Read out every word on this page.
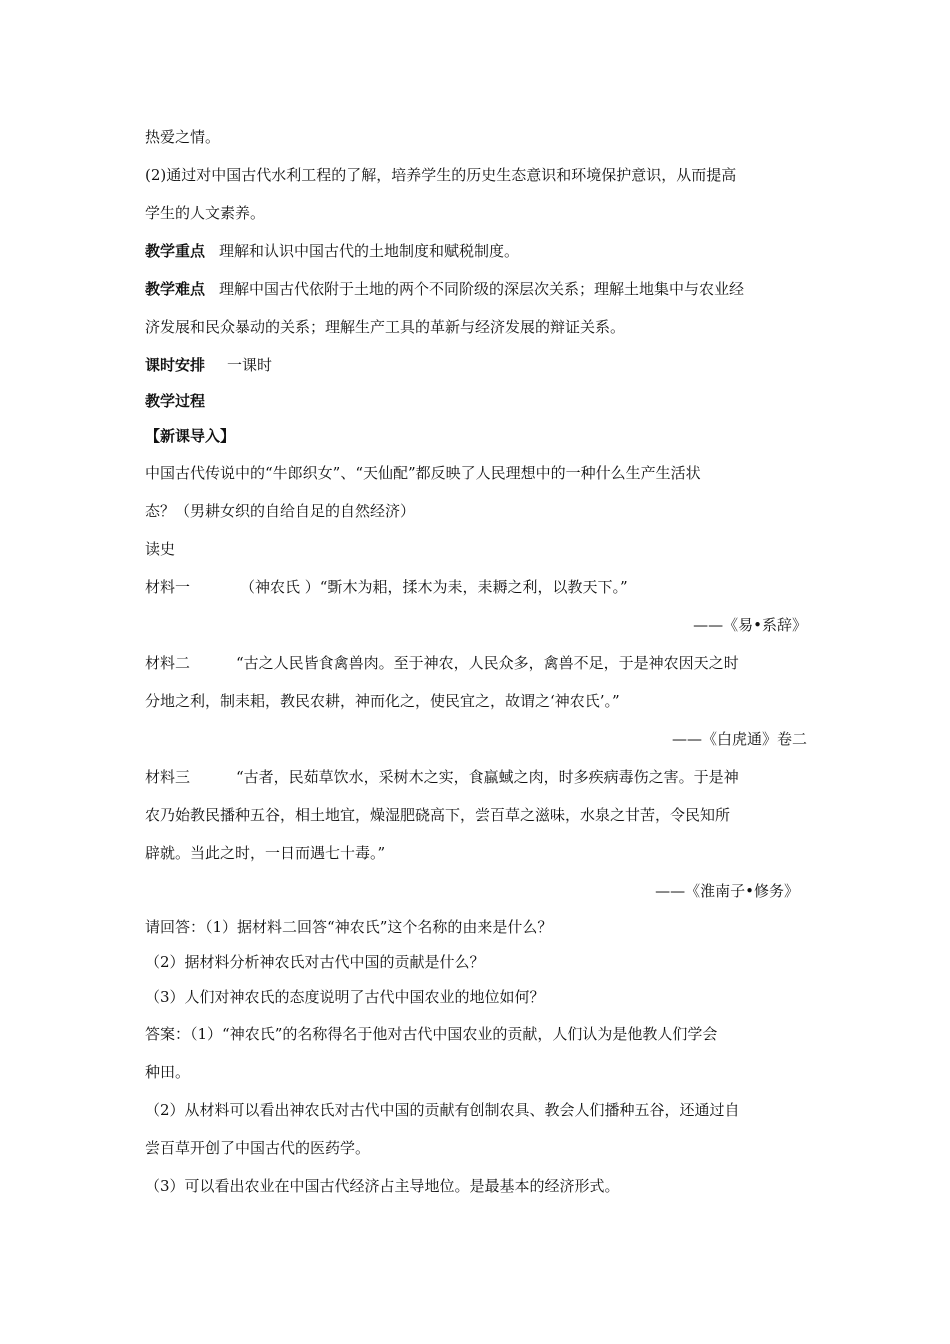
热爱之情。
(2)通过对中国古代水利工程的了解，培养学生的历史生态意识和环境保护意识，从而提高
学生的人文素养。
教学重点 理解和认识中国古代的土地制度和赋税制度。
教学难点 理解中国古代依附于土地的两个不同阶级的深层次关系；理解土地集中与农业经
济发展和民众暴动的关系；理解生产工具的革新与经济发展的辩证关系。
课时安排 一课时
教学过程
【新课导入】
中国古代传说中的“牛郎织女”、“天仙配”都反映了人民理想中的一种什么生产生活状
态？（男耕女织的自给自足的自然经济）
读史
材料一	（神农氏 ）“斲木为耜，揉木为耒，耒耨之利，以教天下。”
——《易•系辞》
材料二	“古之人民皆食禽兽肉。至于神农，人民众多，禽兽不足，于是神农因天之时
分地之利，制耒耜，教民农耕，神而化之，使民宜之，故谓之‘神农氏’。”
——《白虎通》卷二
材料三	“古者，民茹草饮水，采树木之实，食蠃蜮之肉，时多疾病毒伤之害。于是神
农乃始教民播种五谷，相土地宜，燥湿肥硗高下，尝百草之滋味，水泉之甘苦，令民知所
辟就。当此之时，一日而遇七十毒。”
——《淮南子•修务》
请回答：（1）据材料二回答“神农氏”这个名称的由来是什么？
（2）据材料分析神农氏对古代中国的贡献是什么？
（3）人们对神农氏的态度说明了古代中国农业的地位如何？
答案：（1）“神农氏”的名称得名于他对古代中国农业的贡献，人们认为是他教人们学会
种田。
（2）从材料可以看出神农氏对古代中国的贡献有创制农具、教会人们播种五谷，还通过自
尝百草开创了中国古代的医药学。
（3）可以看出农业在中国古代经济占主导地位。是最基本的经济形式。
